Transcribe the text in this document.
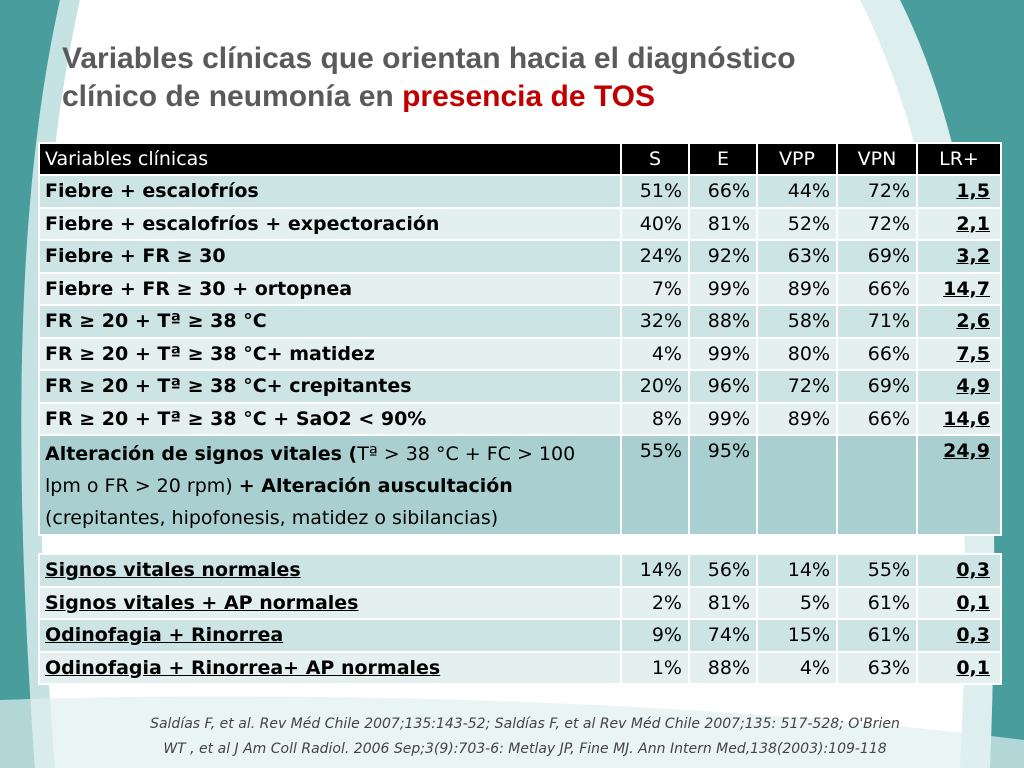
Variables clínicas que orientan hacia el diagnóstico
clínico de neumonía en presencia de TOS
Variables clínicas	S	E	VPP	VPN	LR+
Fiebre + escalofríos	51%	66%	44%	72%	1,5
Fiebre + escalofríos + expectoración	40%	81%	52%	72%	2,1
Fiebre + FR ≥ 30	24%	92%	63%	69%	3,2
Fiebre + FR ≥ 30 + ortopnea	7%	99%	89%	66%	14,7
FR ≥ 20 + Tª ≥ 38 °C	32%	88%	58%	71%	2,6
FR ≥ 20 + Tª ≥ 38 °C+ matidez	4%	99%	80%	66%	7,5
FR ≥ 20 + Tª ≥ 38 °C+ crepitantes	20%	96%	72%	69%	4,9
FR ≥ 20 + Tª ≥ 38 °C + SaO2 < 90%	8%	99%	89%	66%	14,6
Alteración de signos vitales (Tª > 38 °C + FC > 100 lpm o FR > 20 rpm) + Alteración auscultación (crepitantes, hipofonesis, matidez o sibilancias)	55%	95%			24,9
Signos vitales normales	14%	56%	14%	55%	0,3
Signos vitales + AP normales	2%	81%	5%	61%	0,1
Odinofagia + Rinorrea	9%	74%	15%	61%	0,3
Odinofagia + Rinorrea+ AP normales	1%	88%	4%	63%	0,1
Saldías F, et al. Rev Méd Chile 2007;135:143-52; Saldías F, et al Rev Méd Chile 2007;135: 517-528; O'Brien
WT , et al J Am Coll Radiol. 2006 Sep;3(9):703-6: Metlay JP, Fine MJ. Ann Intern Med,138(2003):109-118
